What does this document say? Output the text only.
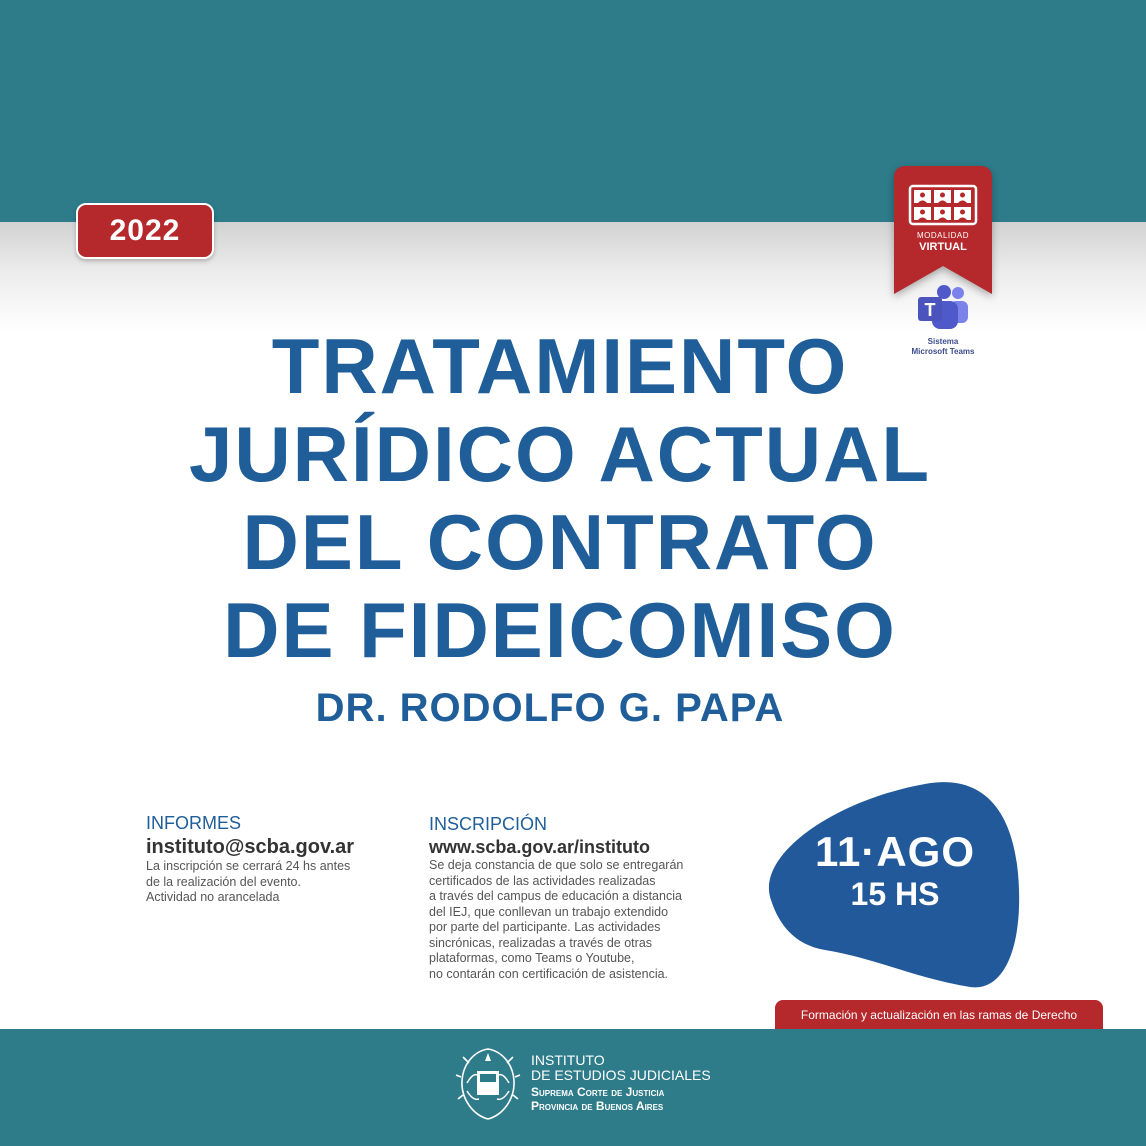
2022	MODALIDAD
VIRTUAL
T
Sistema
Microsoft Teams
TRATAMIENTO
JURÍDICO ACTUAL
DEL CONTRATO
DE FIDEICOMISO
DR. RODOLFO G. PAPA
INFORMES
instituto@scba.gov.ar
La inscripción se cerrará 24 hs antes
de la realización del evento.
Actividad no arancelada
INSCRIPCIÓN
www.scba.gov.ar/instituto
Se deja constancia de que solo se entregarán
certificados de las actividades realizadas
a través del campus de educación a distancia
del IEJ, que conllevan un trabajo extendido
por parte del participante. Las actividades
sincrónicas, realizadas a través de otras
plataformas, como Teams o Youtube,
no contarán con certificación de asistencia.
11·AGO
15 HS
Formación y actualización en las ramas de Derecho
INSTITUTO
DE ESTUDIOS JUDICIALES
Suprema Corte de Justicia
Provincia de Buenos Aires
